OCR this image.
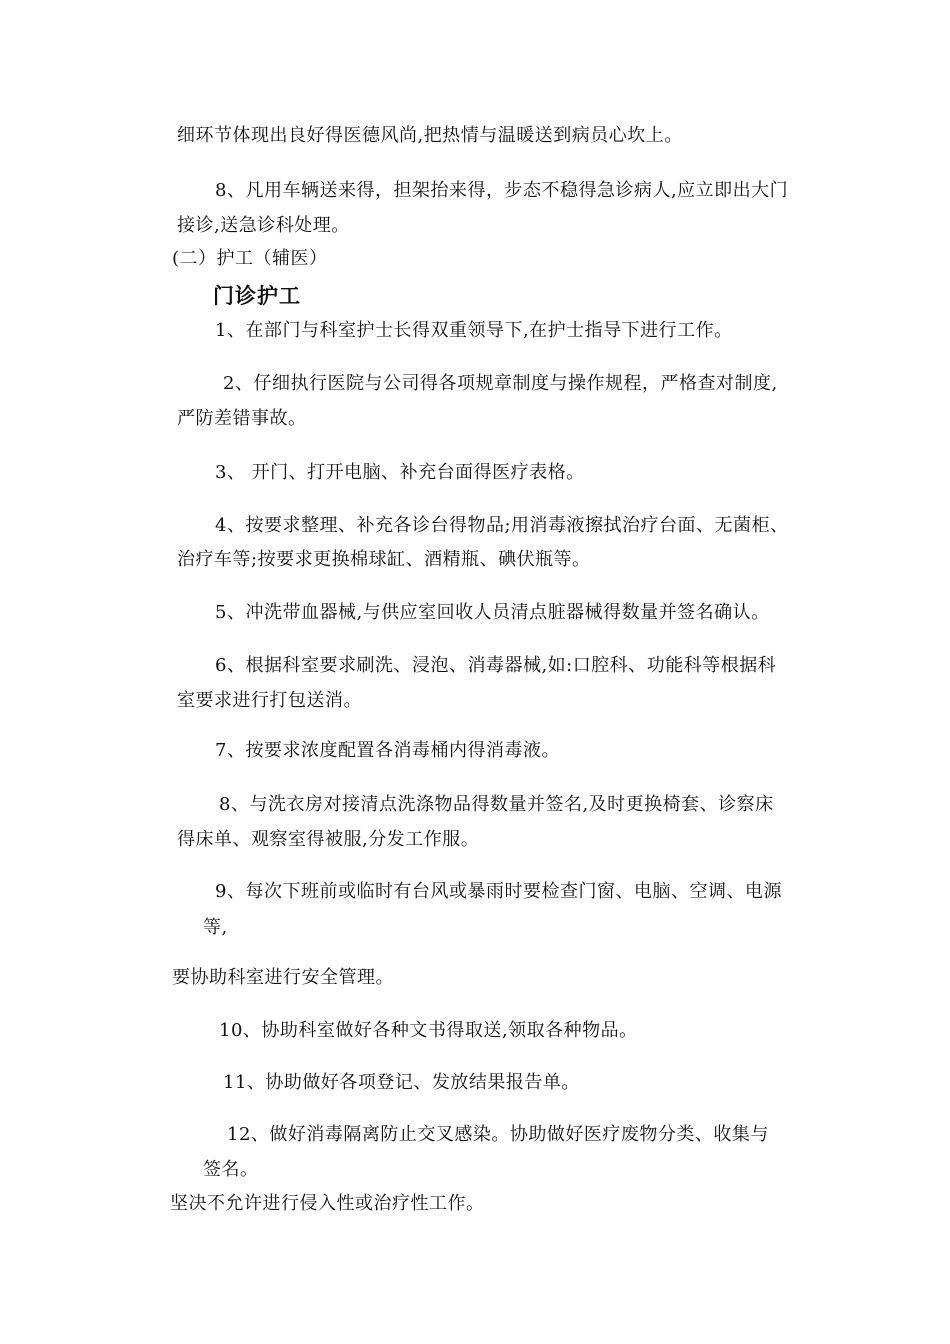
细环节体现出良好得医德风尚,把热情与温暖送到病员心坎上。
8、凡用车辆送来得，担架抬来得，步态不稳得急诊病人,应立即出大门
接诊,送急诊科处理。
(二）护工（辅医）
门诊护工
1、在部门与科室护士长得双重领导下,在护士指导下进行工作。
2、仔细执行医院与公司得各项规章制度与操作规程，严格查对制度,
严防差错事故。
3、 开门、打开电脑、补充台面得医疗表格。
4、按要求整理、补充各诊台得物品;用消毒液擦拭治疗台面、无菌柜、
治疗车等;按要求更换棉球缸、酒精瓶、碘伏瓶等。
5、冲洗带血器械,与供应室回收人员清点脏器械得数量并签名确认。
6、根据科室要求刷洗、浸泡、消毒器械,如:口腔科、功能科等根据科
室要求进行打包送消。
7、按要求浓度配置各消毒桶内得消毒液。
8、与洗衣房对接清点洗涤物品得数量并签名,及时更换椅套、诊察床
得床单、观察室得被服,分发工作服。
9、每次下班前或临时有台风或暴雨时要检查门窗、电脑、空调、电源
等,
要协助科室进行安全管理。
10、协助科室做好各种文书得取送,领取各种物品。
11、协助做好各项登记、发放结果报告单。
12、做好消毒隔离防止交叉感染。协助做好医疗废物分类、收集与
签名。
坚决不允许进行侵入性或治疗性工作。
